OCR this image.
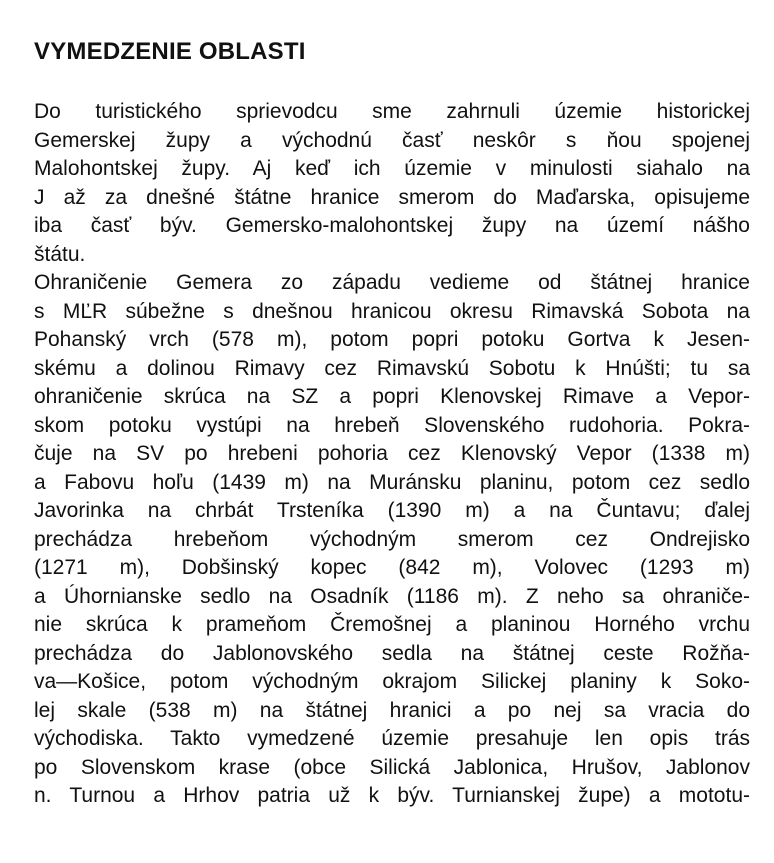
VYMEDZENIE OBLASTI
Do turistického sprievodcu sme zahrnuli územie historickej
Gemerskej župy a východnú časť neskôr s ňou spojenej
Malohontskej župy. Aj keď ich územie v minulosti siahalo na
J až za dnešné štátne hranice smerom do Maďarska, opisujeme
iba časť býv. Gemersko-malohontskej župy na území nášho
štátu.
Ohraničenie Gemera zo západu vedieme od štátnej hranice
s MĽR súbežne s dnešnou hranicou okresu Rimavská Sobota na
Pohanský vrch (578 m), potom popri potoku Gortva k Jesen-
skému a dolinou Rimavy cez Rimavskú Sobotu k Hnúšti; tu sa
ohraničenie skrúca na SZ a popri Klenovskej Rimave a Vepor-
skom potoku vystúpi na hrebeň Slovenského rudohoria. Pokra-
čuje na SV po hrebeni pohoria cez Klenovský Vepor (1338 m)
a Fabovu hoľu (1439 m) na Muránsku planinu, potom cez sedlo
Javorinka na chrbát Trsteníka (1390 m) a na Čuntavu; ďalej
prechádza hrebeňom východným smerom cez Ondrejisko
(1271 m), Dobšinský kopec (842 m), Volovec (1293 m)
a Úhornianske sedlo na Osadník (1186 m). Z neho sa ohraniče-
nie skrúca k prameňom Čremošnej a planinou Horného vrchu
prechádza do Jablonovského sedla na štátnej ceste Rožňa-
va—Košice, potom východným okrajom Silickej planiny k Soko-
lej skale (538 m) na štátnej hranici a po nej sa vracia do
východiska. Takto vymedzené územie presahuje len opis trás
po Slovenskom krase (obce Silická Jablonica, Hrušov, Jablonov
n. Turnou a Hrhov patria už k býv. Turnianskej župe) a mototu-
